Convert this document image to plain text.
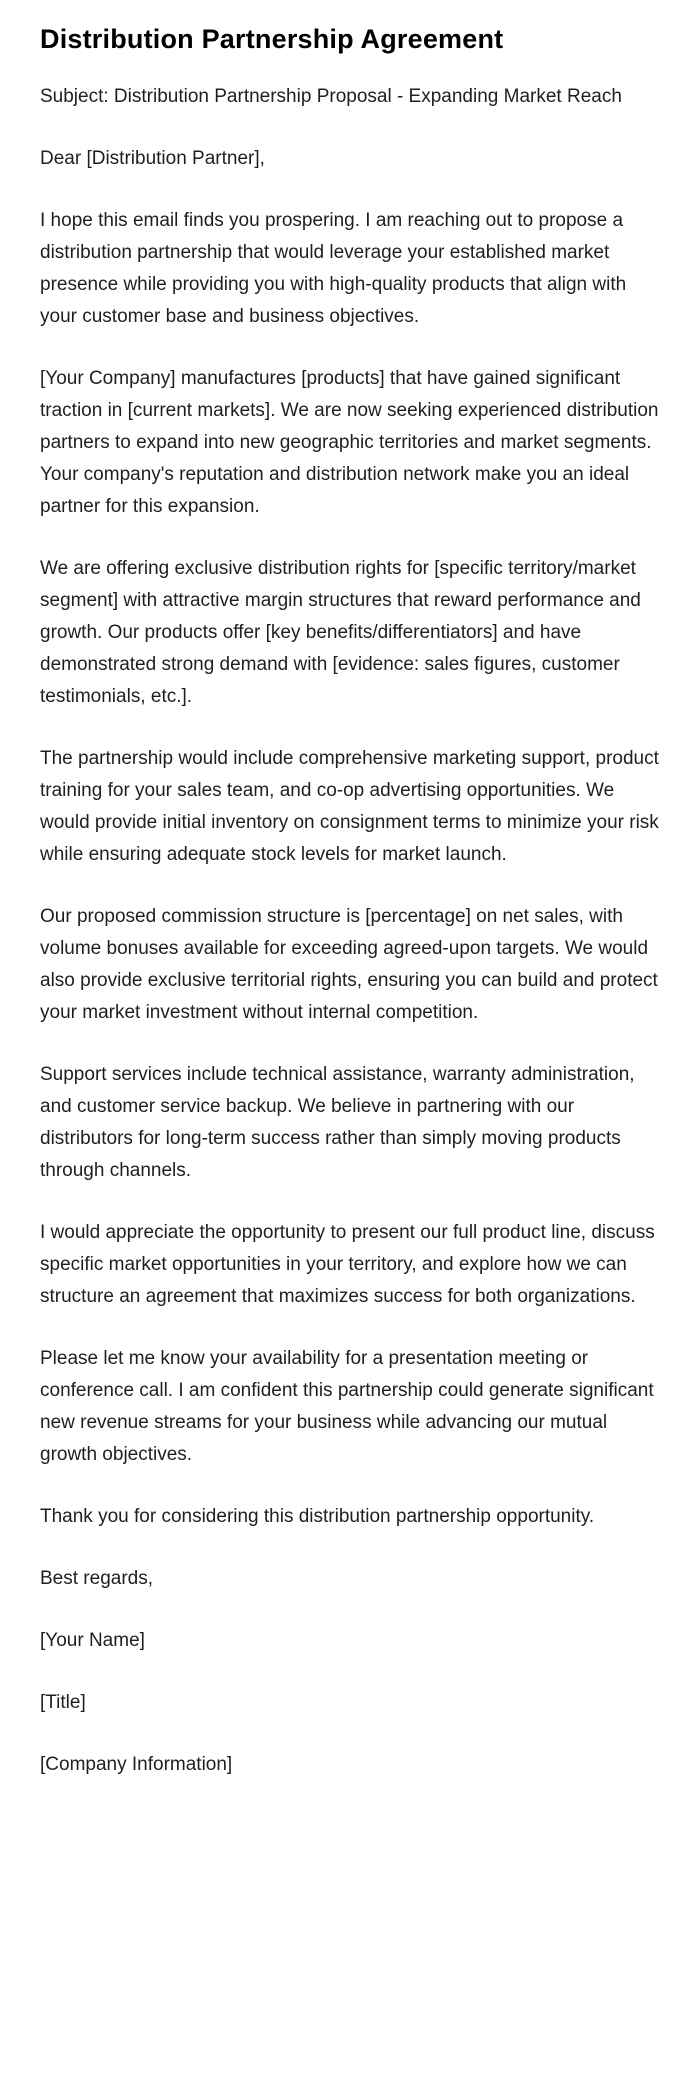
Distribution Partnership Agreement

Subject: Distribution Partnership Proposal - Expanding Market Reach

Dear [Distribution Partner],

I hope this email finds you prospering. I am reaching out to propose a distribution partnership that would leverage your established market presence while providing you with high-quality products that align with your customer base and business objectives.

[Your Company] manufactures [products] that have gained significant traction in [current markets]. We are now seeking experienced distribution partners to expand into new geographic territories and market segments. Your company's reputation and distribution network make you an ideal partner for this expansion.

We are offering exclusive distribution rights for [specific territory/market segment] with attractive margin structures that reward performance and growth. Our products offer [key benefits/differentiators] and have demonstrated strong demand with [evidence: sales figures, customer testimonials, etc.].

The partnership would include comprehensive marketing support, product training for your sales team, and co-op advertising opportunities. We would provide initial inventory on consignment terms to minimize your risk while ensuring adequate stock levels for market launch.

Our proposed commission structure is [percentage] on net sales, with volume bonuses available for exceeding agreed-upon targets. We would also provide exclusive territorial rights, ensuring you can build and protect your market investment without internal competition.

Support services include technical assistance, warranty administration, and customer service backup. We believe in partnering with our distributors for long-term success rather than simply moving products through channels.

I would appreciate the opportunity to present our full product line, discuss specific market opportunities in your territory, and explore how we can structure an agreement that maximizes success for both organizations.

Please let me know your availability for a presentation meeting or conference call. I am confident this partnership could generate significant new revenue streams for your business while advancing our mutual growth objectives.

Thank you for considering this distribution partnership opportunity.

Best regards,

[Your Name]

[Title]

[Company Information]
